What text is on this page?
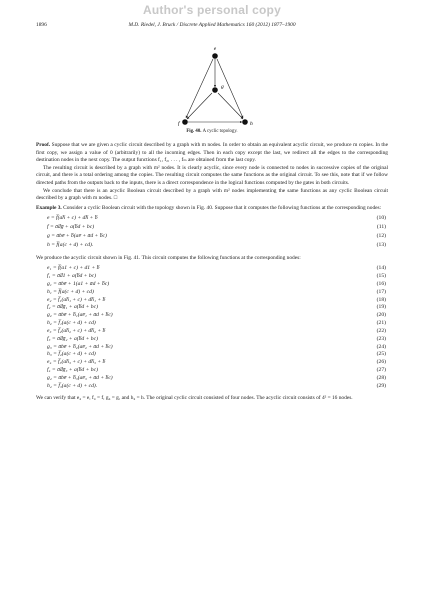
Author's personal copy
1896	M.D. Riedel, J. Bruck / Discrete Applied Mathematics 160 (2012) 1877–1900
e
g
f	h
Fig. 40. A cyclic topology.

Proof. Suppose that we are given a cyclic circuit described by a graph with m nodes. In order to obtain an equivalent acyclic circuit, we produce m copies. In the first copy, we assign a value of 0 (arbitrarily) to all the incoming edges. Then in each copy except the last, we redirect all the edges to the corresponding destination nodes in the next copy. The output functions f₁, f₂, . . . , fₘ are obtained from the last copy.

The resulting circuit is described by a graph with m² nodes. It is clearly acyclic, since every node is connected to nodes in successive copies of the original circuit, and there is a total ordering among the copies. The resulting circuit computes the same functions as the original circuit. To see this, note that if we follow directed paths from the outputs back to the inputs, there is a direct correspondence in the logical functions computed by the gates in both circuits.

We conclude that there is an acyclic Boolean circuit described by a graph with m² nodes implementing the same functions as any cyclic Boolean circuit described by a graph with m nodes. □

Example 3. Consider a cyclic Boolean circuit with the topology shown in Fig. 40. Suppose that it computes the following functions at the corresponding nodes:

e = f̅(ah̅ + c) + dh̅ + b̅	(10)
f = a̅d̅g̅ + a(b̅d + bc)	(11)
g = a̅be̅ + b̅(ae̅ + a̅d + b̅c)	(12)
h = f̅(a(c + d) + cd).	(13)

We produce the acyclic circuit shown in Fig. 41. This circuit computes the following functions at the corresponding nodes:

e₁ = f̅(a1 + c) + d1 + b̅	(14)
f₁ = a̅d̅1 + a(b̅d + bc)	(15)
g₁ = a̅be̅ + 1(a1 + a̅d + b̅c)	(16)
h₁ = f̅(a(c + d) + cd)	(17)
e₂ = f̅₁(ah̅₁ + c) + dh̅₁ + b̅	(18)
f₂ = a̅d̅g̅₁ + a(b̅d + bc)	(19)
g₂ = a̅be̅ + h̅₁(ae̅₁ + a̅d + b̅c)	(20)
h₂ = f̅₁(a(c + d) + cd)	(21)
e₃ = f̅₂(ah̅₂ + c) + dh̅₂ + b̅	(22)
f₃ = a̅d̅g̅₂ + a(b̅d + bc)	(23)
g₃ = a̅be̅ + h̅₂(ae̅₂ + a̅d + b̅c)	(24)
h₃ = f̅₂(a(c + d) + cd)	(25)
e₄ = f̅₃(ah̅₃ + c) + dh̅₃ + b̅	(26)
f₄ = a̅d̅g̅₃ + a(b̅d + bc)	(27)
g₄ = a̅be̅ + h̅₃(ae̅₃ + a̅d + b̅c)	(28)
h₄ = f̅₃(a(c + d) + cd).	(29)

We can verify that e₄ = e, f₄ = f, g₄ = g, and h₄ = h. The original cyclic circuit consisted of four nodes. The acyclic circuit consists of 4² = 16 nodes.
